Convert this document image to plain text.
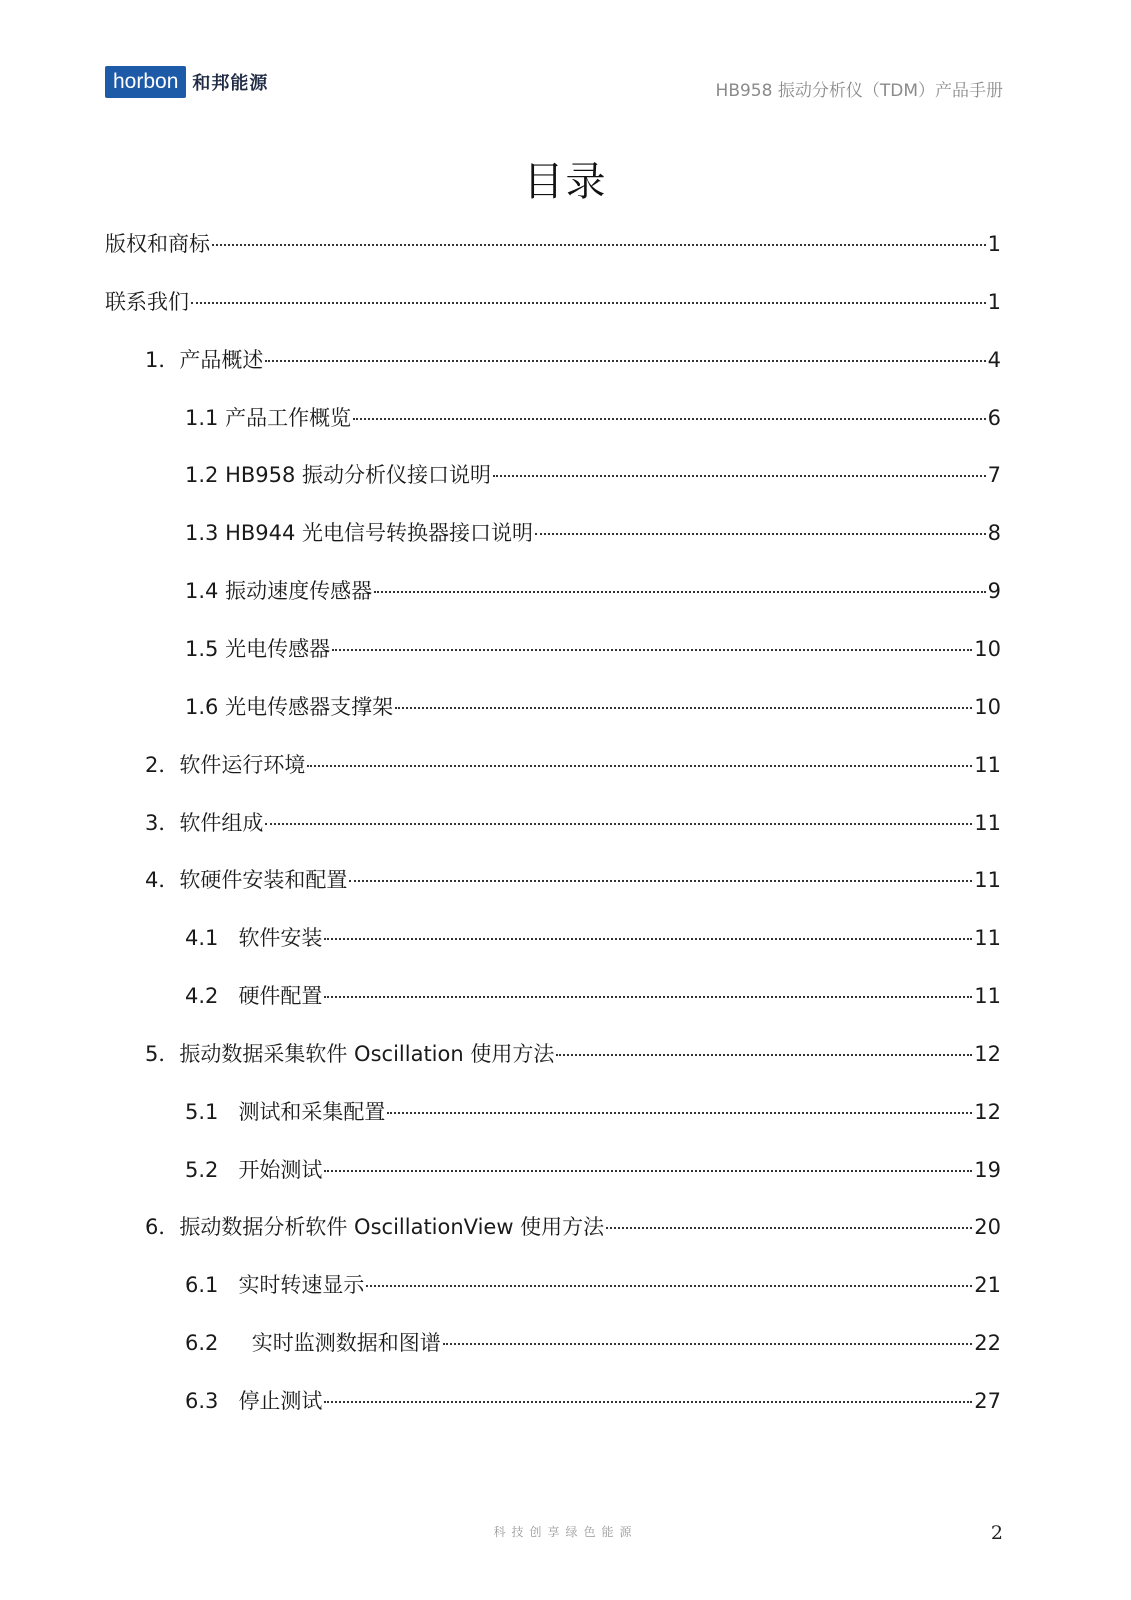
horbon 和邦能源	HB958 振动分析仪（TDM）产品手册
目录
版权和商标	1
联系我们	1
1．产品概述	4
1.1 产品工作概览	6
1.2 HB958 振动分析仪接口说明	7
1.3 HB944 光电信号转换器接口说明	8
1.4 振动速度传感器	9
1.5 光电传感器	10
1.6 光电传感器支撑架	10
2．软件运行环境	11
3．软件组成	11
4．软硬件安装和配置	11
4.1   软件安装	11
4.2   硬件配置	11
5．振动数据采集软件 Oscillation 使用方法	12
5.1   测试和采集配置	12
5.2   开始测试	19
6．振动数据分析软件 OscillationView 使用方法	20
6.1   实时转速显示	21
6.2     实时监测数据和图谱	22
6.3   停止测试	27
科技创享绿色能源	2
